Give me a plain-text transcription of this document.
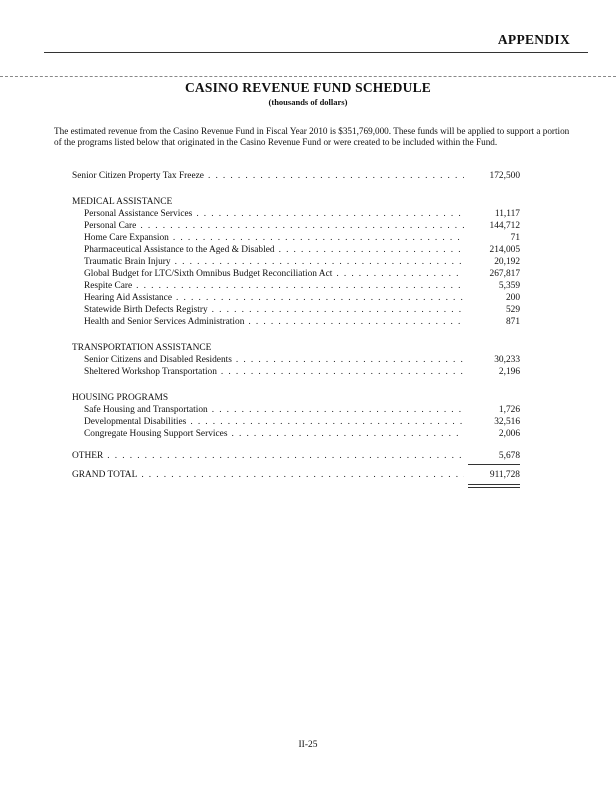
APPENDIX
CASINO REVENUE FUND SCHEDULE
(thousands of dollars)
The estimated revenue from the Casino Revenue Fund in Fiscal Year 2010 is $351,769,000. These funds will be applied to support a portion of the programs listed below that originated in the Casino Revenue Fund or were created to be included within the Fund.
Senior Citizen Property Tax Freeze . . .	172,500
MEDICAL ASSISTANCE
Personal Assistance Services . . .	11,117
Personal Care . . .	144,712
Home Care Expansion . . .	71
Pharmaceutical Assistance to the Aged & Disabled . . .	214,005
Traumatic Brain Injury . . .	20,192
Global Budget for LTC/Sixth Omnibus Budget Reconciliation Act . . .	267,817
Respite Care . . .	5,359
Hearing Aid Assistance . . .	200
Statewide Birth Defects Registry . . .	529
Health and Senior Services Administration . . .	871
TRANSPORTATION ASSISTANCE
Senior Citizens and Disabled Residents . . .	30,233
Sheltered Workshop Transportation . . .	2,196
HOUSING PROGRAMS
Safe Housing and Transportation . . .	1,726
Developmental Disabilities . . .	32,516
Congregate Housing Support Services . . .	2,006
OTHER . . .	5,678
GRAND TOTAL . . .	911,728
II-25
